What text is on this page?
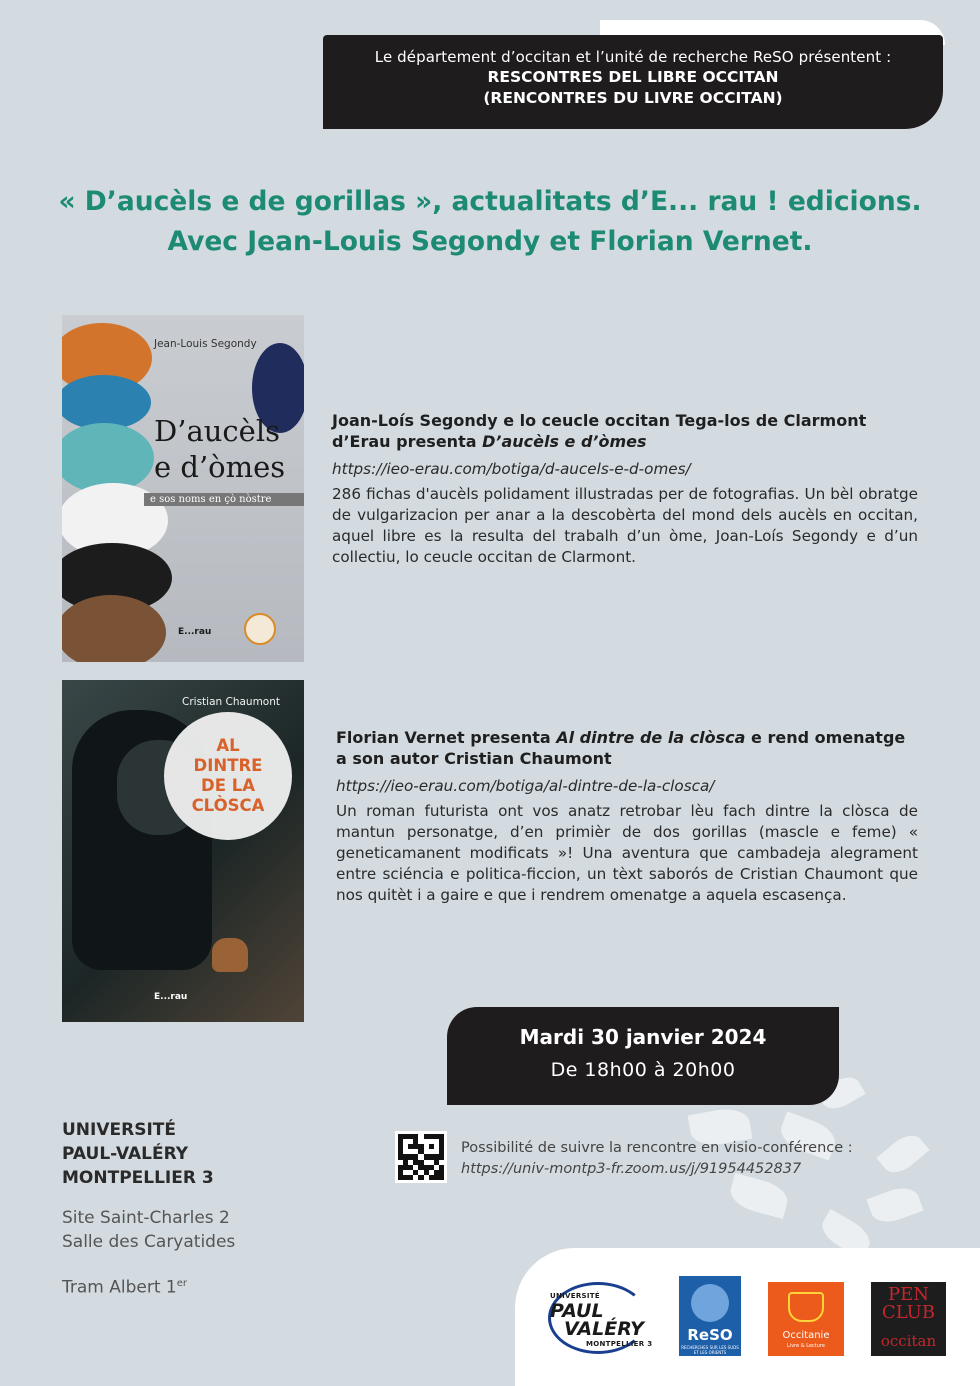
Le département d’occitan et l’unité de recherche ReSO présentent :
RESCONTRES DEL LIBRE OCCITAN
(RENCONTRES DU LIVRE OCCITAN)
« D’aucèls e de gorillas », actualitats d’E... rau ! edicions.
Avec Jean-Louis Segondy et Florian Vernet.
Jean-Louis Segondy
D’aucèls
e d’òmes
e sos noms en çò nòstre
E...rau
Cristian Chaumont
AL
DINTRE
DE LA
CLÒSCA
E...rau
Joan-Loís Segondy e lo ceucle occitan Tega-los de Clarmont d’Erau presenta D’aucèls e d’òmes
https://ieo-erau.com/botiga/d-aucels-e-d-omes/
286 fichas d'aucèls polidament illustradas per de fotografias. Un bèl obratge de vulgarizacion per anar a la descobèrta del mond dels aucèls en occitan, aquel libre es la resulta del trabalh d’un òme, Joan-Loís Segondy e d’un collectiu, lo ceucle occitan de Clarmont.
Florian Vernet presenta Al dintre de la clòsca e rend omenatge a son autor Cristian Chaumont
https://ieo-erau.com/botiga/al-dintre-de-la-closca/
Un roman futurista ont vos anatz retrobar lèu fach dintre la clòsca de mantun personatge, d’en primièr de dos gorillas (mascle e feme) « geneticamanent modificats »! Una aventura que cambadeja alegrament entre sciéncia e politica-ficcion, un tèxt saborós de Cristian Chaumont que nos quitèt i a gaire e que i rendrem omenatge a aquela escasença.
Mardi 30 janvier 2024
De 18h00 à 20h00
UNIVERSITÉ
PAUL-VALÉRY
MONTPELLIER 3
Site Saint-Charles 2
Salle des Caryatides
Tram Albert 1er
Possibilité de suivre la rencontre en visio-conférence :
https://univ-montp3-fr.zoom.us/j/91954452837
UNIVERSITÉ
PAUL
VALÉRY
MONTPELLIER 3	ReSO
RECHERCHES SUR LES SUDS ET LES ORIENTS
Occitanie
Livre & Lecture
PEN
CLUB
occitan
